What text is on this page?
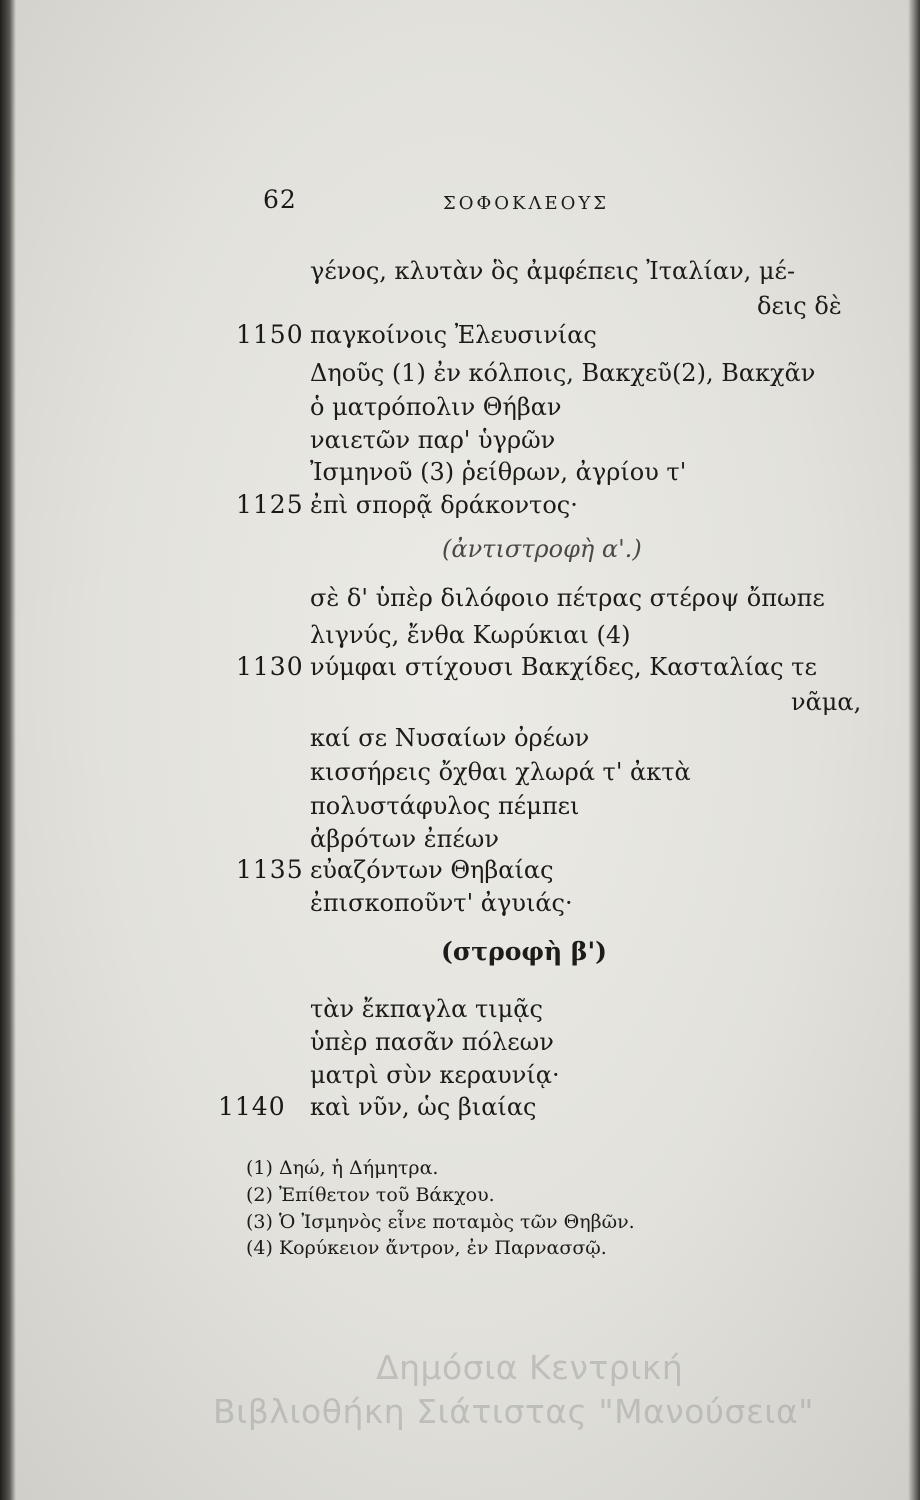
62	ΣΟΦΟΚΛΕΟΥΣ
γένος, κλυτὰν ὃς ἀμφέπεις Ἰταλίαν, μέ-
δεις δὲ
1150 παγκοίνοις Ἐλευσινίας
Δηοῦς (1) ἐν κόλποις, Βακχεῦ(2), Βακχᾶν
ὁ ματρόπολιν Θήβαν
ναιετῶν παρ' ὑγρῶν
Ἰσμηνοῦ (3) ῥείθρων, ἀγρίου τ'
1125 ἐπὶ σπορᾷ δράκοντος·
(ἀντιστροφὴ α'.)
σὲ δ' ὑπὲρ διλόφοιο πέτρας στέροψ ὄπωπε
λιγνύς, ἔνθα Κωρύκιαι (4)
1130 νύμφαι στίχουσι Βακχίδες, Κασταλίας τε
νᾶμα,
καί σε Νυσαίων ὀρέων
κισσήρεις ὄχθαι χλωρά τ' ἀκτὰ
πολυστάφυλος πέμπει
ἀβρότων ἐπέων
1135 εὐαζόντων Θηβαίας
ἐπισκοποῦντ' ἀγυιάς·
(στροφὴ β')
τὰν ἔκπαγλα τιμᾷς
ὑπὲρ πασᾶν πόλεων
ματρὶ σὺν κεραυνίᾳ·
1140 καὶ νῦν, ὡς βιαίας
(1) Δηώ, ἡ Δήμητρα.
(2) Ἐπίθετον τοῦ Βάκχου.
(3) Ὁ Ἰσμηνὸς εἶνε ποταμὸς τῶν Θηβῶν.
(4) Κορύκειον ἄντρον, ἐν Παρνασσῷ.
Δημόσια Κεντρική
Βιβλιοθήκη Σιάτιστας "Μανούσεια"
